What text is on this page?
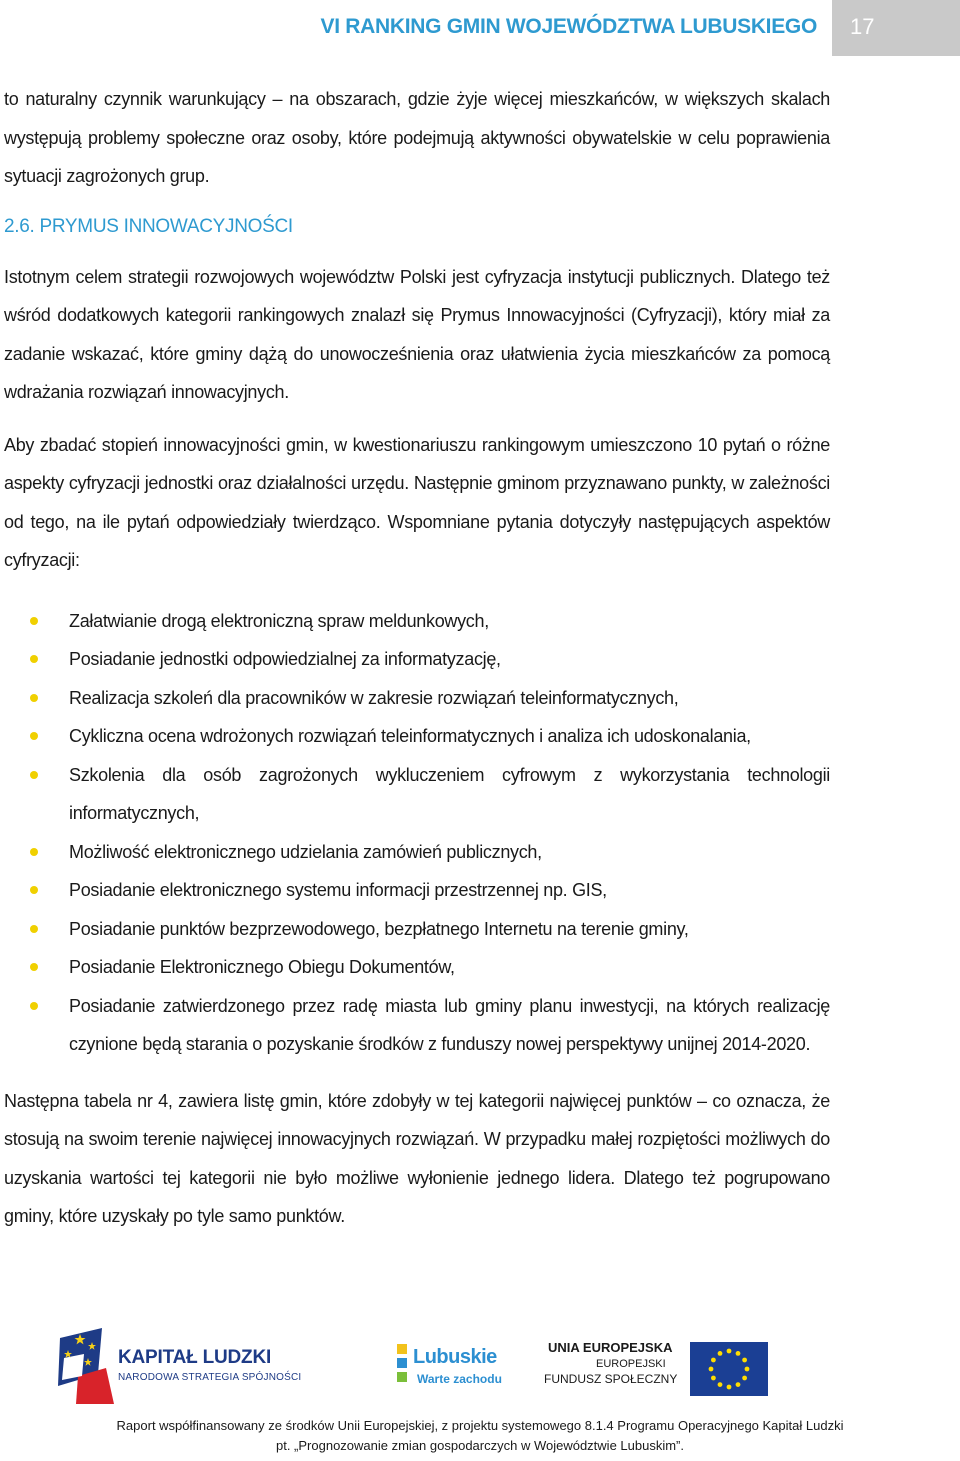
VI RANKING GMIN WOJEWÓDZTWA LUBUSKIEGO 17

to naturalny czynnik warunkujący – na obszarach, gdzie żyje więcej mieszkańców, w większych skalach występują problemy społeczne oraz osoby, które podejmują aktywności obywatelskie w celu poprawienia sytuacji zagrożonych grup.

2.6. PRYMUS INNOWACYJNOŚCI

Istotnym celem strategii rozwojowych województw Polski jest cyfryzacja instytucji publicznych. Dlatego też wśród dodatkowych kategorii rankingowych znalazł się Prymus Innowacyjności (Cyfryzacji), który miał za zadanie wskazać, które gminy dążą do unowocześnienia oraz ułatwienia życia mieszkańców za pomocą wdrażania rozwiązań innowacyjnych.

Aby zbadać stopień innowacyjności gmin, w kwestionariuszu rankingowym umieszczono 10 pytań o różne aspekty cyfryzacji jednostki oraz działalności urzędu. Następnie gminom przyznawano punkty, w zależności od tego, na ile pytań odpowiedziały twierdząco. Wspomniane pytania dotyczyły następujących aspektów cyfryzacji:

Załatwianie drogą elektroniczną spraw meldunkowych,
Posiadanie jednostki odpowiedzialnej za informatyzację,
Realizacja szkoleń dla pracowników w zakresie rozwiązań teleinformatycznych,
Cykliczna ocena wdrożonych rozwiązań teleinformatycznych i analiza ich udoskonalania,
Szkolenia dla osób zagrożonych wykluczeniem cyfrowym z wykorzystania technologii informatycznych,
Możliwość elektronicznego udzielania zamówień publicznych,
Posiadanie elektronicznego systemu informacji przestrzennej np. GIS,
Posiadanie punktów bezprzewodowego, bezpłatnego Internetu na terenie gminy,
Posiadanie Elektronicznego Obiegu Dokumentów,
Posiadanie zatwierdzonego przez radę miasta lub gminy planu inwestycji, na których realizację czynione będą starania o pozyskanie środków z funduszy nowej perspektywy unijnej 2014-2020.

Następna tabela nr 4, zawiera listę gmin, które zdobyły w tej kategorii najwięcej punktów – co oznacza, że stosują na swoim terenie najwięcej innowacyjnych rozwiązań. W przypadku małej rozpiętości możliwych do uzyskania wartości tej kategorii nie było możliwe wyłonienie jednego lidera. Dlatego też pogrupowano gminy, które uzyskały po tyle samo punktów.

KAPITAŁ LUDZKI
NARODOWA STRATEGIA SPÓJNOŚCI
Lubuskie
Warte zachodu
UNIA EUROPEJSKA
EUROPEJSKI
FUNDUSZ SPOŁECZNY
Raport współfinansowany ze środków Unii Europejskiej, z projektu systemowego 8.1.4 Programu Operacyjnego Kapitał Ludzki
pt. „Prognozowanie zmian gospodarczych w Województwie Lubuskim”.
